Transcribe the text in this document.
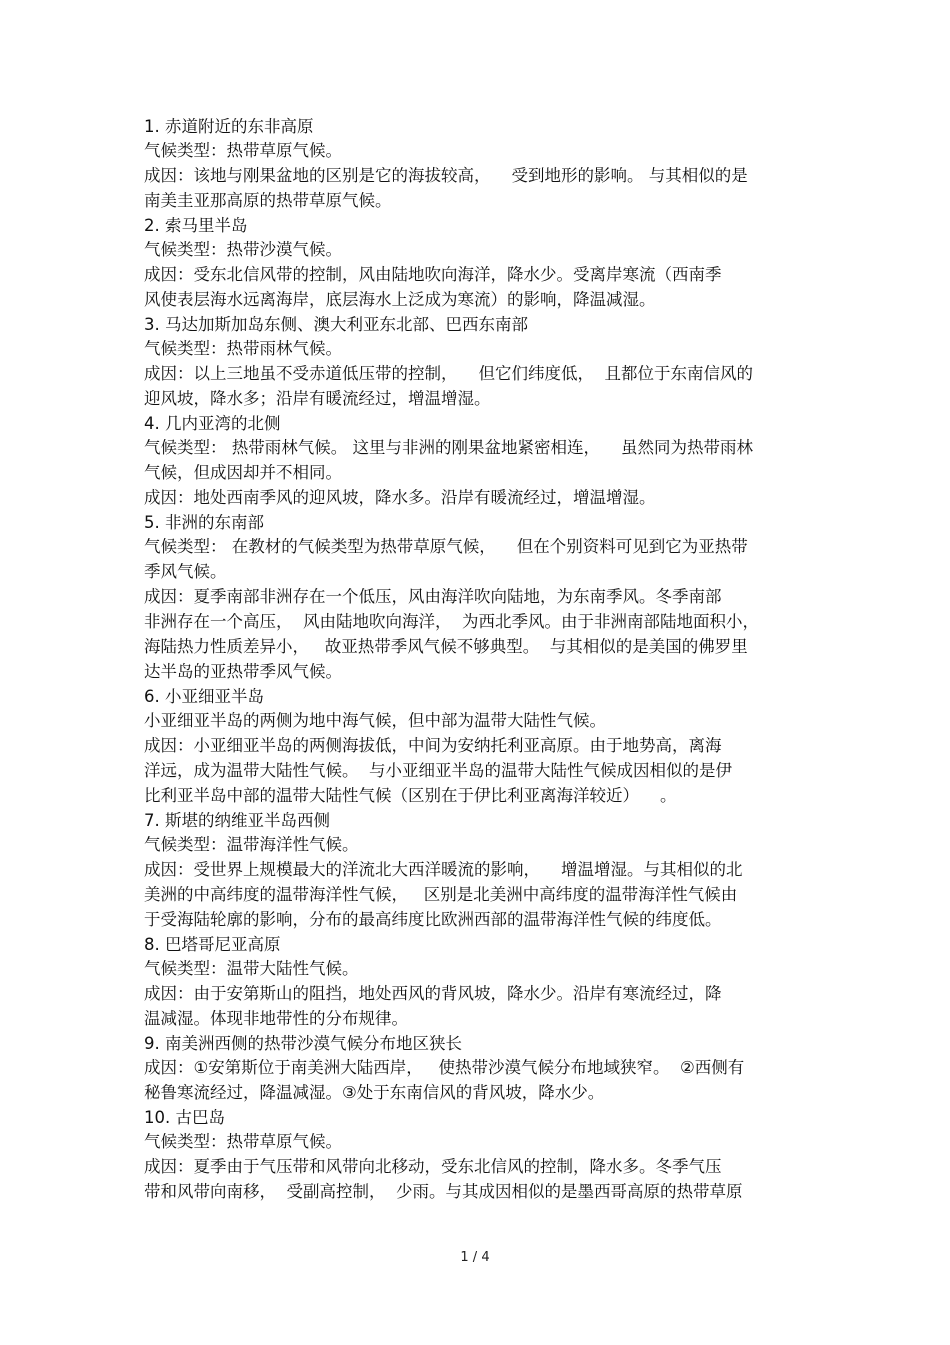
1. 赤道附近的东非高原
气候类型：热带草原气候。
成因：该地与刚果盆地的区别是它的海拔较高，    受到地形的影响。 与其相似的是
南美圭亚那高原的热带草原气候。
2. 索马里半岛
气候类型：热带沙漠气候。
成因：受东北信风带的控制，风由陆地吹向海洋，降水少。受离岸寒流（西南季
风使表层海水远离海岸，底层海水上泛成为寒流）的影响，降温减湿。
3. 马达加斯加岛东侧、澳大利亚东北部、巴西东南部
气候类型：热带雨林气候。
成因：以上三地虽不受赤道低压带的控制，    但它们纬度低，  且都位于东南信风的
迎风坡，降水多；沿岸有暖流经过，增温增湿。
4. 几内亚湾的北侧
气候类型： 热带雨林气候。 这里与非洲的刚果盆地紧密相连，    虽然同为热带雨林
气候，但成因却并不相同。
成因：地处西南季风的迎风坡，降水多。沿岸有暖流经过，增温增湿。
5. 非洲的东南部
气候类型： 在教材的气候类型为热带草原气候，    但在个别资料可见到它为亚热带
季风气候。
成因：夏季南部非洲存在一个低压，风由海洋吹向陆地，为东南季风。冬季南部
非洲存在一个高压，  风由陆地吹向海洋，  为西北季风。由于非洲南部陆地面积小，
海陆热力性质差异小，   故亚热带季风气候不够典型。  与其相似的是美国的佛罗里
达半岛的亚热带季风气候。
6. 小亚细亚半岛
小亚细亚半岛的两侧为地中海气候，但中部为温带大陆性气候。
成因：小亚细亚半岛的两侧海拔低，中间为安纳托利亚高原。由于地势高，离海
洋远，成为温带大陆性气候。  与小亚细亚半岛的温带大陆性气候成因相似的是伊
比利亚半岛中部的温带大陆性气候（区别在于伊比利亚离海洋较近）    。
7. 斯堪的纳维亚半岛西侧
气候类型：温带海洋性气候。
成因：受世界上规模最大的洋流北大西洋暖流的影响，    增温增湿。与其相似的北
美洲的中高纬度的温带海洋性气候，   区别是北美洲中高纬度的温带海洋性气候由
于受海陆轮廓的影响，分布的最高纬度比欧洲西部的温带海洋性气候的纬度低。
8. 巴塔哥尼亚高原
气候类型：温带大陆性气候。
成因：由于安第斯山的阻挡，地处西风的背风坡，降水少。沿岸有寒流经过，降
温减湿。体现非地带性的分布规律。
9. 南美洲西侧的热带沙漠气候分布地区狭长
成因：①安第斯位于南美洲大陆西岸，   使热带沙漠气候分布地域狭窄。  ②西侧有
秘鲁寒流经过，降温减湿。③处于东南信风的背风坡，降水少。
10. 古巴岛
气候类型：热带草原气候。
成因：夏季由于气压带和风带向北移动，受东北信风的控制，降水多。冬季气压
带和风带向南移，  受副高控制，  少雨。与其成因相似的是墨西哥高原的热带草原
1 / 4
